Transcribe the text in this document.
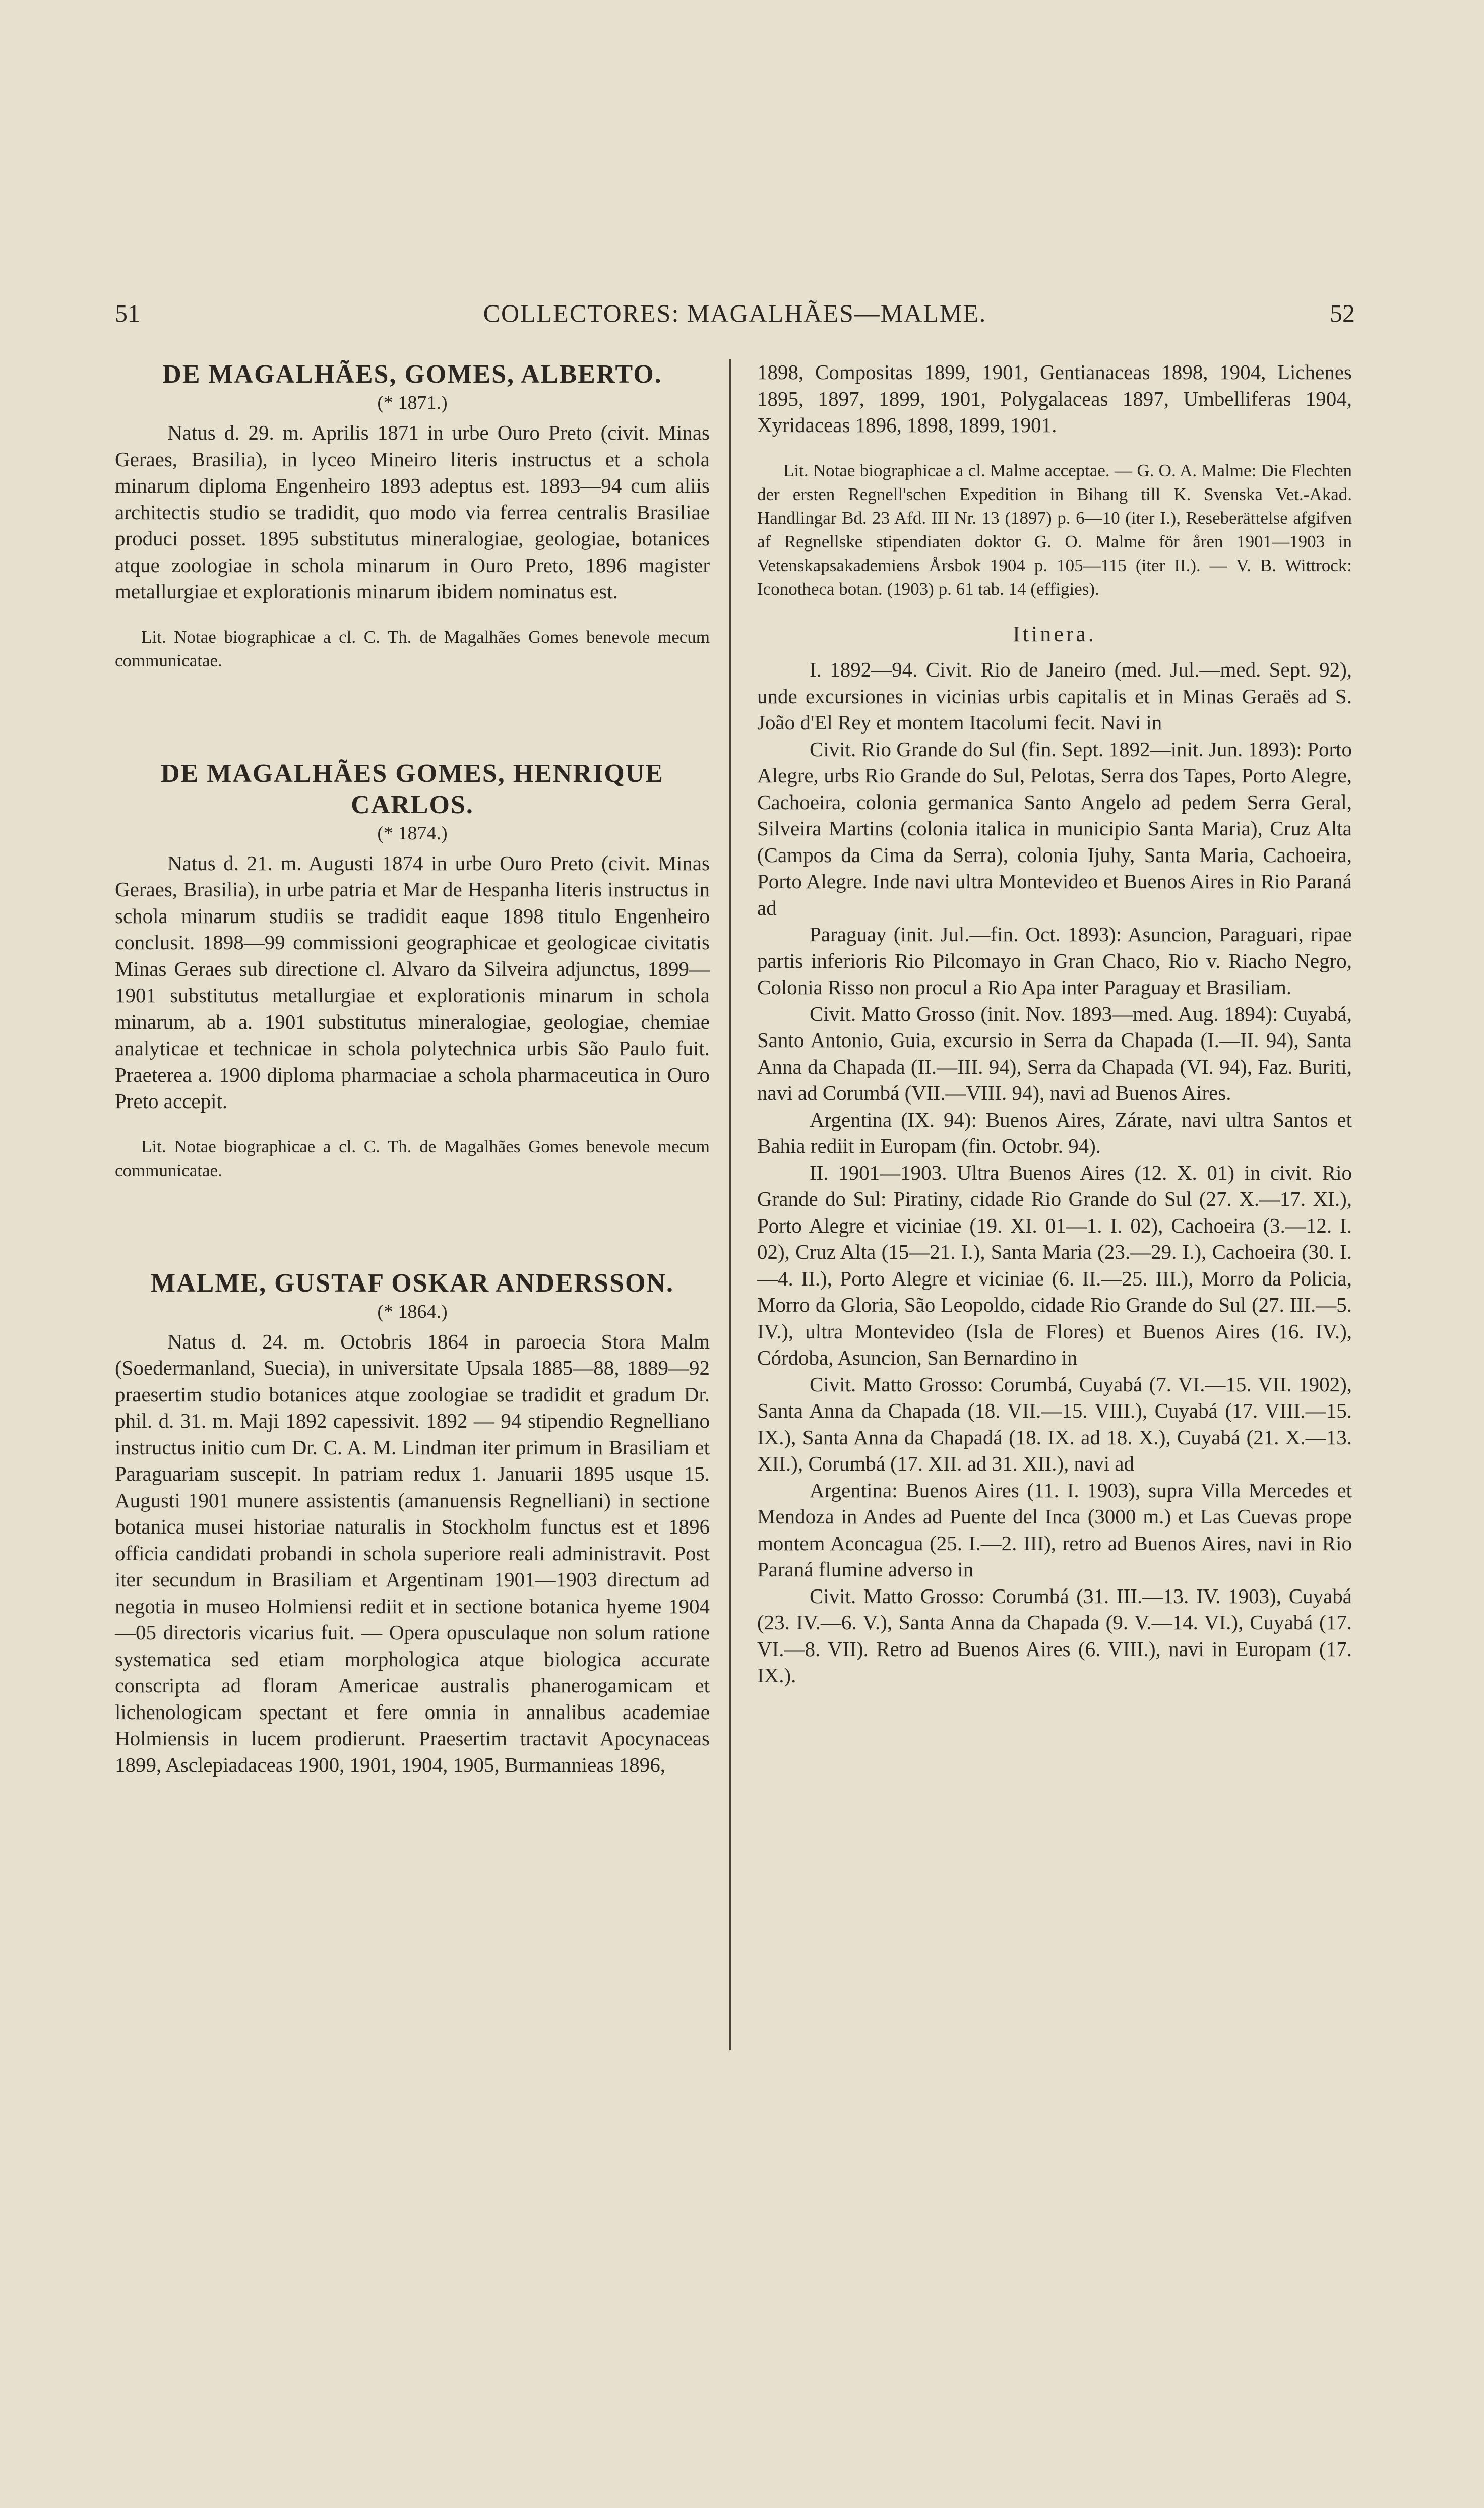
51	COLLECTORES: MAGALHÃES—MALME.	52
DE MAGALHÃES, GOMES, ALBERTO.
(* 1871.)

Natus d. 29. m. Aprilis 1871 in urbe Ouro Preto (civit. Minas Geraes, Brasilia), in lyceo Mineiro literis instructus et a schola minarum diploma Engenheiro 1893 adeptus est. 1893—94 cum aliis architectis studio se tradidit, quo modo via ferrea centralis Brasiliae produci posset. 1895 substitutus mineralogiae, geologiae, botanices atque zoologiae in schola minarum in Ouro Preto, 1896 magister metallurgiae et explorationis minarum ibidem nominatus est.

Lit. Notae biographicae a cl. C. Th. de Magalhães Gomes benevole mecum communicatae.

DE MAGALHÃES GOMES, HENRIQUE
CARLOS.
(* 1874.)

Natus d. 21. m. Augusti 1874 in urbe Ouro Preto (civit. Minas Geraes, Brasilia), in urbe patria et Mar de Hespanha literis instructus in schola minarum studiis se tradidit eaque 1898 titulo Engenheiro conclusit. 1898—99 commissioni geographicae et geologicae civitatis Minas Geraes sub directione cl. Alvaro da Silveira adjunctus, 1899—1901 substitutus metallurgiae et explorationis minarum in schola minarum, ab a. 1901 substitutus mineralogiae, geologiae, chemiae analyticae et technicae in schola polytechnica urbis São Paulo fuit. Praeterea a. 1900 diploma pharmaciae a schola pharmaceutica in Ouro Preto accepit.

Lit. Notae biographicae a cl. C. Th. de Magalhães Gomes benevole mecum communicatae.

MALME, GUSTAF OSKAR ANDERSSON.
(* 1864.)

Natus d. 24. m. Octobris 1864 in paroecia Stora Malm (Soedermanland, Suecia), in universitate Upsala 1885—88, 1889—92 praesertim studio botanices atque zoologiae se tradidit et gradum Dr. phil. d. 31. m. Maji 1892 capessivit. 1892 — 94 stipendio Regnelliano instructus initio cum Dr. C. A. M. Lindman iter primum in Brasiliam et Paraguariam suscepit. In patriam redux 1. Januarii 1895 usque 15. Augusti 1901 munere assistentis (amanuensis Regnelliani) in sectione botanica musei historiae naturalis in Stockholm functus est et 1896 officia candidati probandi in schola superiore reali administravit. Post iter secundum in Brasiliam et Argentinam 1901—1903 directum ad negotia in museo Holmiensi rediit et in sectione botanica hyeme 1904—05 directoris vicarius fuit. — Opera opusculaque non solum ratione systematica sed etiam morphologica atque biologica accurate conscripta ad floram Americae australis phanerogamicam et lichenologicam spectant et fere omnia in annalibus academiae Holmiensis in lucem prodierunt. Praesertim tractavit Apocynaceas 1899, Asclepiadaceas 1900, 1901, 1904, 1905, Burmannieas 1896,

1898, Compositas 1899, 1901, Gentianaceas 1898, 1904, Lichenes 1895, 1897, 1899, 1901, Polygalaceas 1897, Umbelliferas 1904, Xyridaceas 1896, 1898, 1899, 1901.

Lit. Notae biographicae a cl. Malme acceptae. — G. O. A. Malme: Die Flechten der ersten Regnell'schen Expedition in Bihang till K. Svenska Vet.-Akad. Handlingar Bd. 23 Afd. III Nr. 13 (1897) p. 6—10 (iter I.), Reseberättelse afgifven af Regnellske stipendiaten doktor G. O. Malme för åren 1901—1903 in Vetenskapsakademiens Årsbok 1904 p. 105—115 (iter II.). — V. B. Wittrock: Iconotheca botan. (1903) p. 61 tab. 14 (effigies).

Itinera.

I. 1892—94. Civit. Rio de Janeiro (med. Jul.—med. Sept. 92), unde excursiones in vicinias urbis capitalis et in Minas Geraës ad S. João d'El Rey et montem Itacolumi fecit. Navi in

Civit. Rio Grande do Sul (fin. Sept. 1892—init. Jun. 1893): Porto Alegre, urbs Rio Grande do Sul, Pelotas, Serra dos Tapes, Porto Alegre, Cachoeira, colonia germanica Santo Angelo ad pedem Serra Geral, Silveira Martins (colonia italica in municipio Santa Maria), Cruz Alta (Campos da Cima da Serra), colonia Ijuhy, Santa Maria, Cachoeira, Porto Alegre. Inde navi ultra Montevideo et Buenos Aires in Rio Paraná ad

Paraguay (init. Jul.—fin. Oct. 1893): Asuncion, Paraguari, ripae partis inferioris Rio Pilcomayo in Gran Chaco, Rio v. Riacho Negro, Colonia Risso non procul a Rio Apa inter Paraguay et Brasiliam.

Civit. Matto Grosso (init. Nov. 1893—med. Aug. 1894): Cuyabá, Santo Antonio, Guia, excursio in Serra da Chapada (I.—II. 94), Santa Anna da Chapada (II.—III. 94), Serra da Chapada (VI. 94), Faz. Buriti, navi ad Corumbá (VII.—VIII. 94), navi ad Buenos Aires.

Argentina (IX. 94): Buenos Aires, Zárate, navi ultra Santos et Bahia rediit in Europam (fin. Octobr. 94).

II. 1901—1903. Ultra Buenos Aires (12. X. 01) in civit. Rio Grande do Sul: Piratiny, cidade Rio Grande do Sul (27. X.—17. XI.), Porto Alegre et viciniae (19. XI. 01—1. I. 02), Cachoeira (3.—12. I. 02), Cruz Alta (15—21. I.), Santa Maria (23.—29. I.), Cachoeira (30. I.—4. II.), Porto Alegre et viciniae (6. II.—25. III.), Morro da Policia, Morro da Gloria, São Leopoldo, cidade Rio Grande do Sul (27. III.—5. IV.), ultra Montevideo (Isla de Flores) et Buenos Aires (16. IV.), Córdoba, Asuncion, San Bernardino in

Civit. Matto Grosso: Corumbá, Cuyabá (7. VI.—15. VII. 1902), Santa Anna da Chapada (18. VII.—15. VIII.), Cuyabá (17. VIII.—15. IX.), Santa Anna da Chapadá (18. IX. ad 18. X.), Cuyabá (21. X.—13. XII.), Corumbá (17. XII. ad 31. XII.), navi ad

Argentina: Buenos Aires (11. I. 1903), supra Villa Mercedes et Mendoza in Andes ad Puente del Inca (3000 m.) et Las Cuevas prope montem Aconcagua (25. I.—2. III), retro ad Buenos Aires, navi in Rio Paraná flumine adverso in

Civit. Matto Grosso: Corumbá (31. III.—13. IV. 1903), Cuyabá (23. IV.—6. V.), Santa Anna da Chapada (9. V.—14. VI.), Cuyabá (17. VI.—8. VII). Retro ad Buenos Aires (6. VIII.), navi in Europam (17. IX.).
